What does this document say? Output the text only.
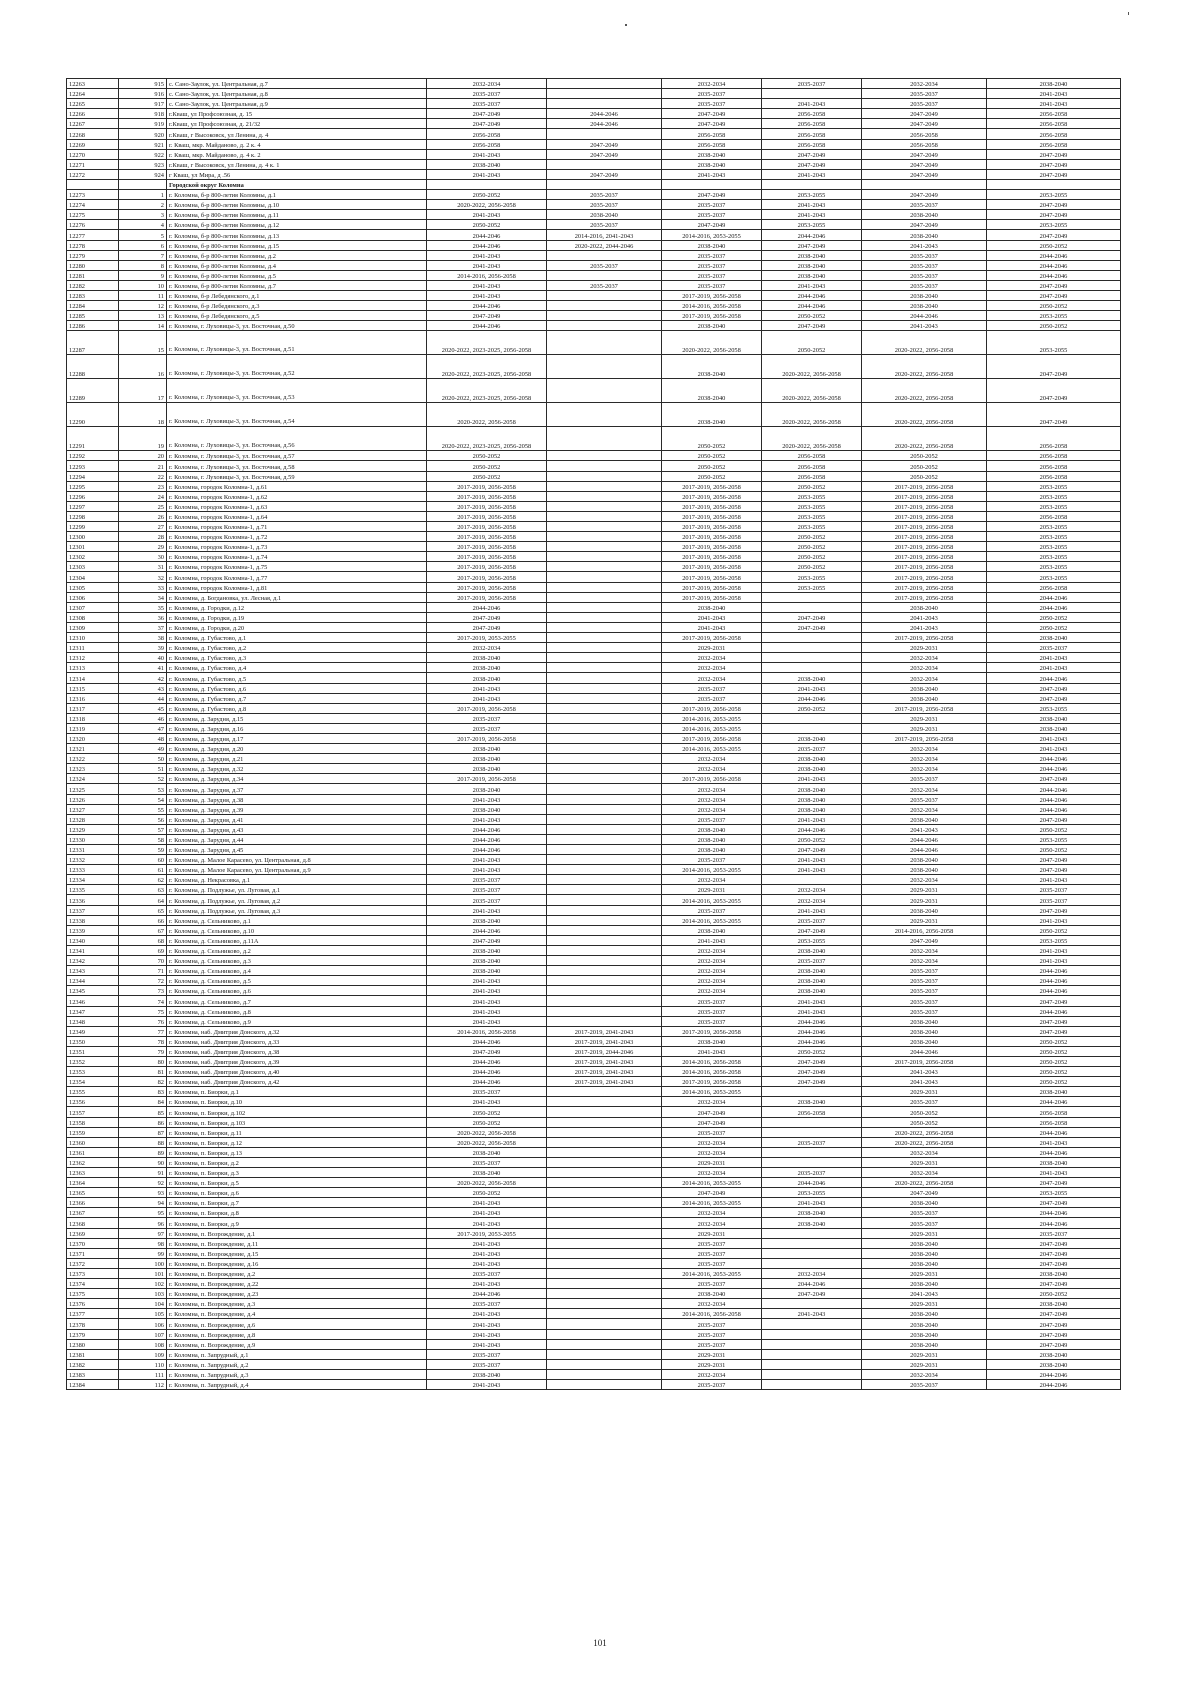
12263	915	с. Сано-Заулок, ул. Центральная, д.7	2032-2034		2032-2034	2035-2037	2032-2034	2038-2040
12264	916	с. Сано-Заулок, ул. Центральная, д.8	2035-2037		2035-2037		2035-2037	2041-2043
12265	917	с. Сано-Заулок, ул. Центральная, д.9	2035-2037		2035-2037	2041-2043	2035-2037	2041-2043
12266	918	г.Кваш, ул Профсоюзная, д. 15	2047-2049	2044-2046	2047-2049	2056-2058	2047-2049	2056-2058
12267	919	г.Кваш, ул Профсоюзная, д. 21/32	2047-2049	2044-2046	2047-2049	2056-2058	2047-2049	2056-2058
12268	920	г.Кваш, г Высоковск, ул Ленина, д. 4	2056-2058		2056-2058	2056-2058	2056-2058	2056-2058
12269	921	г. Кваш, мкр. Майданово, д. 2 к. 4	2056-2058	2047-2049	2056-2058	2056-2058	2056-2058	2056-2058
12270	922	г. Кваш, мкр. Майданово, д. 4 к. 2	2041-2043	2047-2049	2038-2040	2047-2049	2047-2049	2047-2049
12271	923	г.Кваш, г Высоковск, ул Ленина, д. 4 к. 1	2038-2040		2038-2040	2047-2049	2047-2049	2047-2049
12272	924	г Кваш, ул Мира, д .56	2041-2043	2047-2049	2041-2043	2041-2043	2047-2049	2047-2049
		Городской округ Коломна						
12273	1	г. Коломна, б-р 800-летия Коломны, д.1	2050-2052	2035-2037	2047-2049	2053-2055	2047-2049	2053-2055
12274	2	г. Коломна, б-р 800-летия Коломны, д.10	2020-2022, 2056-2058	2035-2037	2035-2037	2041-2043	2035-2037	2047-2049
12275	3	г. Коломна, б-р 800-летия Коломны, д.11	2041-2043	2038-2040	2035-2037	2041-2043	2038-2040	2047-2049
12276	4	г. Коломна, б-р 800-летия Коломны, д.12	2050-2052	2035-2037	2047-2049	2053-2055	2047-2049	2053-2055
12277	5	г. Коломна, б-р 800-летия Коломны, д.13	2044-2046	2014-2016, 2041-2043	2014-2016, 2053-2055	2044-2046	2038-2040	2047-2049
12278	6	г. Коломна, б-р 800-летия Коломны, д.15	2044-2046	2020-2022, 2044-2046	2038-2040	2047-2049	2041-2043	2050-2052
12279	7	г. Коломна, б-р 800-летия Коломны, д.2	2041-2043		2035-2037	2038-2040	2035-2037	2044-2046
12280	8	г. Коломна, б-р 800-летия Коломны, д.4	2041-2043	2035-2037	2035-2037	2038-2040	2035-2037	2044-2046
12281	9	г. Коломна, б-р 800-летия Коломны, д.5	2014-2016, 2056-2058		2035-2037	2038-2040	2035-2037	2044-2046
12282	10	г. Коломна, б-р 800-летия Коломны, д.7	2041-2043	2035-2037	2035-2037	2041-2043	2035-2037	2047-2049
12283	11	г. Коломна, б-р Лебедянского, д.1	2041-2043		2017-2019, 2056-2058	2044-2046	2038-2040	2047-2049
12284	12	г. Коломна, б-р Лебедянского, д.3	2044-2046		2014-2016, 2056-2058	2044-2046	2038-2040	2050-2052
12285	13	г. Коломна, б-р Лебедянского, д.5	2047-2049		2017-2019, 2056-2058	2050-2052	2044-2046	2053-2055
12286	14	г. Коломна, г. Луховицы-3, ул. Восточная, д.50	2044-2046		2038-2040	2047-2049	2041-2043	2050-2052
12287	15	г. Коломна, г. Луховицы-3, ул. Восточная, д.51	2020-2022, 2023-2025, 2056-2058		2020-2022, 2056-2058	2050-2052	2020-2022, 2056-2058	2053-2055
12288	16	г. Коломна, г. Луховицы-3, ул. Восточная, д.52	2020-2022, 2023-2025, 2056-2058		2038-2040	2020-2022, 2056-2058	2020-2022, 2056-2058	2047-2049
12289	17	г. Коломна, г. Луховицы-3, ул. Восточная, д.53	2020-2022, 2023-2025, 2056-2058		2038-2040	2020-2022, 2056-2058	2020-2022, 2056-2058	2047-2049
12290	18	г. Коломна, г. Луховицы-3, ул. Восточная, д.54	2020-2022, 2056-2058		2038-2040	2020-2022, 2056-2058	2020-2022, 2056-2058	2047-2049
12291	19	г. Коломна, г. Луховицы-3, ул. Восточная, д.56	2020-2022, 2023-2025, 2056-2058		2050-2052	2020-2022, 2056-2058	2020-2022, 2056-2058	2056-2058
12292	20	г. Коломна, г. Луховицы-3, ул. Восточная, д.57	2050-2052		2050-2052	2056-2058	2050-2052	2056-2058
12293	21	г. Коломна, г. Луховицы-3, ул. Восточная, д.58	2050-2052		2050-2052	2056-2058	2050-2052	2056-2058
12294	22	г. Коломна, г. Луховицы-3, ул. Восточная, д.59	2050-2052		2050-2052	2056-2058	2050-2052	2056-2058
12295	23	г. Коломна, городок Коломна-1, д.61	2017-2019, 2056-2058		2017-2019, 2056-2058	2050-2052	2017-2019, 2056-2058	2053-2055
12296	24	г. Коломна, городок Коломна-1, д.62	2017-2019, 2056-2058		2017-2019, 2056-2058	2053-2055	2017-2019, 2056-2058	2053-2055
12297	25	г. Коломна, городок Коломна-1, д.63	2017-2019, 2056-2058		2017-2019, 2056-2058	2053-2055	2017-2019, 2056-2058	2053-2055
12298	26	г. Коломна, городок Коломна-1, д.64	2017-2019, 2056-2058		2017-2019, 2056-2058	2053-2055	2017-2019, 2056-2058	2056-2058
12299	27	г. Коломна, городок Коломна-1, д.71	2017-2019, 2056-2058		2017-2019, 2056-2058	2053-2055	2017-2019, 2056-2058	2053-2055
12300	28	г. Коломна, городок Коломна-1, д.72	2017-2019, 2056-2058		2017-2019, 2056-2058	2050-2052	2017-2019, 2056-2058	2053-2055
12301	29	г. Коломна, городок Коломна-1, д.73	2017-2019, 2056-2058		2017-2019, 2056-2058	2050-2052	2017-2019, 2056-2058	2053-2055
12302	30	г. Коломна, городок Коломна-1, д.74	2017-2019, 2056-2058		2017-2019, 2056-2058	2050-2052	2017-2019, 2056-2058	2053-2055
12303	31	г. Коломна, городок Коломна-1, д.75	2017-2019, 2056-2058		2017-2019, 2056-2058	2050-2052	2017-2019, 2056-2058	2053-2055
12304	32	г. Коломна, городок Коломна-1, д.77	2017-2019, 2056-2058		2017-2019, 2056-2058	2053-2055	2017-2019, 2056-2058	2053-2055
12305	33	г. Коломна, городок Коломна-1, д.81	2017-2019, 2056-2058		2017-2019, 2056-2058	2053-2055	2017-2019, 2056-2058	2056-2058
12306	34	г. Коломна, д. Богдановка, ул. Лесная, д.1	2017-2019, 2056-2058		2017-2019, 2056-2058		2017-2019, 2056-2058	2044-2046
12307	35	г. Коломна, д. Городки, д.12	2044-2046		2038-2040		2038-2040	2044-2046
12308	36	г. Коломна, д. Городки, д.19	2047-2049		2041-2043	2047-2049	2041-2043	2050-2052
12309	37	г. Коломна, д. Городки, д.20	2047-2049		2041-2043	2047-2049	2041-2043	2050-2052
12310	38	г. Коломна, д. Губастово, д.1	2017-2019, 2053-2055		2017-2019, 2056-2058		2017-2019, 2056-2058	2038-2040
12311	39	г. Коломна, д. Губастово, д.2	2032-2034		2029-2031		2029-2031	2035-2037
12312	40	г. Коломна, д. Губастово, д.3	2038-2040		2032-2034		2032-2034	2041-2043
12313	41	г. Коломна, д. Губастово, д.4	2038-2040		2032-2034		2032-2034	2041-2043
12314	42	г. Коломна, д. Губастово, д.5	2038-2040		2032-2034	2038-2040	2032-2034	2044-2046
12315	43	г. Коломна, д. Губастово, д.6	2041-2043		2035-2037	2041-2043	2038-2040	2047-2049
12316	44	г. Коломна, д. Губастово, д.7	2041-2043		2035-2037	2044-2046	2038-2040	2047-2049
12317	45	г. Коломна, д. Губастово, д.8	2017-2019, 2056-2058		2017-2019, 2056-2058	2050-2052	2017-2019, 2056-2058	2053-2055
12318	46	г. Коломна, д. Зарудня, д.15	2035-2037		2014-2016, 2053-2055		2029-2031	2038-2040
12319	47	г. Коломна, д. Зарудня, д.16	2035-2037		2014-2016, 2053-2055		2029-2031	2038-2040
12320	48	г. Коломна, д. Зарудня, д.17	2017-2019, 2056-2058		2017-2019, 2056-2058	2038-2040	2017-2019, 2056-2058	2041-2043
12321	49	г. Коломна, д. Зарудня, д.20	2038-2040		2014-2016, 2053-2055	2035-2037	2032-2034	2041-2043
12322	50	г. Коломна, д. Зарудня, д.21	2038-2040		2032-2034	2038-2040	2032-2034	2044-2046
12323	51	г. Коломна, д. Зарудня, д.32	2038-2040		2032-2034	2038-2040	2032-2034	2044-2046
12324	52	г. Коломна, д. Зарудня, д.34	2017-2019, 2056-2058		2017-2019, 2056-2058	2041-2043	2035-2037	2047-2049
12325	53	г. Коломна, д. Зарудня, д.37	2038-2040		2032-2034	2038-2040	2032-2034	2044-2046
12326	54	г. Коломна, д. Зарудня, д.38	2041-2043		2032-2034	2038-2040	2035-2037	2044-2046
12327	55	г. Коломна, д. Зарудня, д.39	2038-2040		2032-2034	2038-2040	2032-2034	2044-2046
12328	56	г. Коломна, д. Зарудня, д.41	2041-2043		2035-2037	2041-2043	2038-2040	2047-2049
12329	57	г. Коломна, д. Зарудня, д.43	2044-2046		2038-2040	2044-2046	2041-2043	2050-2052
12330	58	г. Коломна, д. Зарудня, д.44	2044-2046		2038-2040	2050-2052	2044-2046	2053-2055
12331	59	г. Коломна, д. Зарудня, д.45	2044-2046		2038-2040	2047-2049	2044-2046	2050-2052
12332	60	г. Коломна, д. Малое Карасево, ул. Центральная, д.8	2041-2043		2035-2037	2041-2043	2038-2040	2047-2049
12333	61	г. Коломна, д. Малое Карасево, ул. Центральная, д.9	2041-2043		2014-2016, 2053-2055	2041-2043	2038-2040	2047-2049
12334	62	г. Коломна, д. Некрасовка, д.1	2035-2037		2032-2034		2032-2034	2041-2043
12335	63	г. Коломна, д. Подлужье, ул. Луговая, д.1	2035-2037		2029-2031	2032-2034	2029-2031	2035-2037
12336	64	г. Коломна, д. Подлужье, ул. Луговая, д.2	2035-2037		2014-2016, 2053-2055	2032-2034	2029-2031	2035-2037
12337	65	г. Коломна, д. Подлужье, ул. Луговая, д.3	2041-2043		2035-2037	2041-2043	2038-2040	2047-2049
12338	66	г. Коломна, д. Сельниково, д.1	2038-2040		2014-2016, 2053-2055	2035-2037	2029-2031	2041-2043
12339	67	г. Коломна, д. Сельниково, д.10	2044-2046		2038-2040	2047-2049	2014-2016, 2056-2058	2050-2052
12340	68	г. Коломна, д. Сельниково, д.11А	2047-2049		2041-2043	2053-2055	2047-2049	2053-2055
12341	69	г. Коломна, д. Сельниково, д.2	2038-2040		2032-2034	2038-2040	2032-2034	2041-2043
12342	70	г. Коломна, д. Сельниково, д.3	2038-2040		2032-2034	2035-2037	2032-2034	2041-2043
12343	71	г. Коломна, д. Сельниково, д.4	2038-2040		2032-2034	2038-2040	2035-2037	2044-2046
12344	72	г. Коломна, д. Сельниково, д.5	2041-2043		2032-2034	2038-2040	2035-2037	2044-2046
12345	73	г. Коломна, д. Сельниково, д.6	2041-2043		2032-2034	2038-2040	2035-2037	2044-2046
12346	74	г. Коломна, д. Сельниково, д.7	2041-2043		2035-2037	2041-2043	2035-2037	2047-2049
12347	75	г. Коломна, д. Сельниково, д.8	2041-2043		2035-2037	2041-2043	2035-2037	2044-2046
12348	76	г. Коломна, д. Сельниково, д.9	2041-2043		2035-2037	2044-2046	2038-2040	2047-2049
12349	77	г. Коломна, наб. Дмитрия Донского, д.32	2014-2016, 2056-2058	2017-2019, 2041-2043	2017-2019, 2056-2058	2044-2046	2038-2040	2047-2049
12350	78	г. Коломна, наб. Дмитрия Донского, д.33	2044-2046	2017-2019, 2041-2043	2038-2040	2044-2046	2038-2040	2050-2052
12351	79	г. Коломна, наб. Дмитрия Донского, д.38	2047-2049	2017-2019, 2044-2046	2041-2043	2050-2052	2044-2046	2050-2052
12352	80	г. Коломна, наб. Дмитрия Донского, д.39	2044-2046	2017-2019, 2041-2043	2014-2016, 2056-2058	2047-2049	2017-2019, 2056-2058	2050-2052
12353	81	г. Коломна, наб. Дмитрия Донского, д.40	2044-2046	2017-2019, 2041-2043	2014-2016, 2056-2058	2047-2049	2041-2043	2050-2052
12354	82	г. Коломна, наб. Дмитрия Донского, д.42	2044-2046	2017-2019, 2041-2043	2017-2019, 2056-2058	2047-2049	2041-2043	2050-2052
12355	83	г. Коломна, п. Биорки, д.1	2035-2037		2014-2016, 2053-2055		2029-2031	2038-2040
12356	84	г. Коломна, п. Биорки, д.10	2041-2043		2032-2034	2038-2040	2035-2037	2044-2046
12357	85	г. Коломна, п. Биорки, д.102	2050-2052		2047-2049	2056-2058	2050-2052	2056-2058
12358	86	г. Коломна, п. Биорки, д.103	2050-2052		2047-2049		2050-2052	2056-2058
12359	87	г. Коломна, п. Биорки, д.11	2020-2022, 2056-2058		2035-2037		2020-2022, 2056-2058	2044-2046
12360	88	г. Коломна, п. Биорки, д.12	2020-2022, 2056-2058		2032-2034	2035-2037	2020-2022, 2056-2058	2041-2043
12361	89	г. Коломна, п. Биорки, д.13	2038-2040		2032-2034		2032-2034	2044-2046
12362	90	г. Коломна, п. Биорки, д.2	2035-2037		2029-2031		2029-2031	2038-2040
12363	91	г. Коломна, п. Биорки, д.3	2038-2040		2032-2034	2035-2037	2032-2034	2041-2043
12364	92	г. Коломна, п. Биорки, д.5	2020-2022, 2056-2058		2014-2016, 2053-2055	2044-2046	2020-2022, 2056-2058	2047-2049
12365	93	г. Коломна, п. Биорки, д.6	2050-2052		2047-2049	2053-2055	2047-2049	2053-2055
12366	94	г. Коломна, п. Биорки, д.7	2041-2043		2014-2016, 2053-2055	2041-2043	2038-2040	2047-2049
12367	95	г. Коломна, п. Биорки, д.8	2041-2043		2032-2034	2038-2040	2035-2037	2044-2046
12368	96	г. Коломна, п. Биорки, д.9	2041-2043		2032-2034	2038-2040	2035-2037	2044-2046
12369	97	г. Коломна, п. Возрождение, д.1	2017-2019, 2053-2055		2029-2031		2029-2031	2035-2037
12370	98	г. Коломна, п. Возрождение, д.11	2041-2043		2035-2037		2038-2040	2047-2049
12371	99	г. Коломна, п. Возрождение, д.15	2041-2043		2035-2037		2038-2040	2047-2049
12372	100	г. Коломна, п. Возрождение, д.16	2041-2043		2035-2037		2038-2040	2047-2049
12373	101	г. Коломна, п. Возрождение, д.2	2035-2037		2014-2016, 2053-2055	2032-2034	2029-2031	2038-2040
12374	102	г. Коломна, п. Возрождение, д.22	2041-2043		2035-2037	2044-2046	2038-2040	2047-2049
12375	103	г. Коломна, п. Возрождение, д.23	2044-2046		2038-2040	2047-2049	2041-2043	2050-2052
12376	104	г. Коломна, п. Возрождение, д.3	2035-2037		2032-2034		2029-2031	2038-2040
12377	105	г. Коломна, п. Возрождение, д.4	2041-2043		2014-2016, 2056-2058	2041-2043	2038-2040	2047-2049
12378	106	г. Коломна, п. Возрождение, д.6	2041-2043		2035-2037		2038-2040	2047-2049
12379	107	г. Коломна, п. Возрождение, д.8	2041-2043		2035-2037		2038-2040	2047-2049
12380	108	г. Коломна, п. Возрождение, д.9	2041-2043		2035-2037		2038-2040	2047-2049
12381	109	г. Коломна, п. Запрудный, д.1	2035-2037		2029-2031		2029-2031	2038-2040
12382	110	г. Коломна, п. Запрудный, д.2	2035-2037		2029-2031		2029-2031	2038-2040
12383	111	г. Коломна, п. Запрудный, д.3	2038-2040		2032-2034		2032-2034	2044-2046
12384	112	г. Коломна, п. Запрудный, д.4	2041-2043		2035-2037		2035-2037	2044-2046
101
